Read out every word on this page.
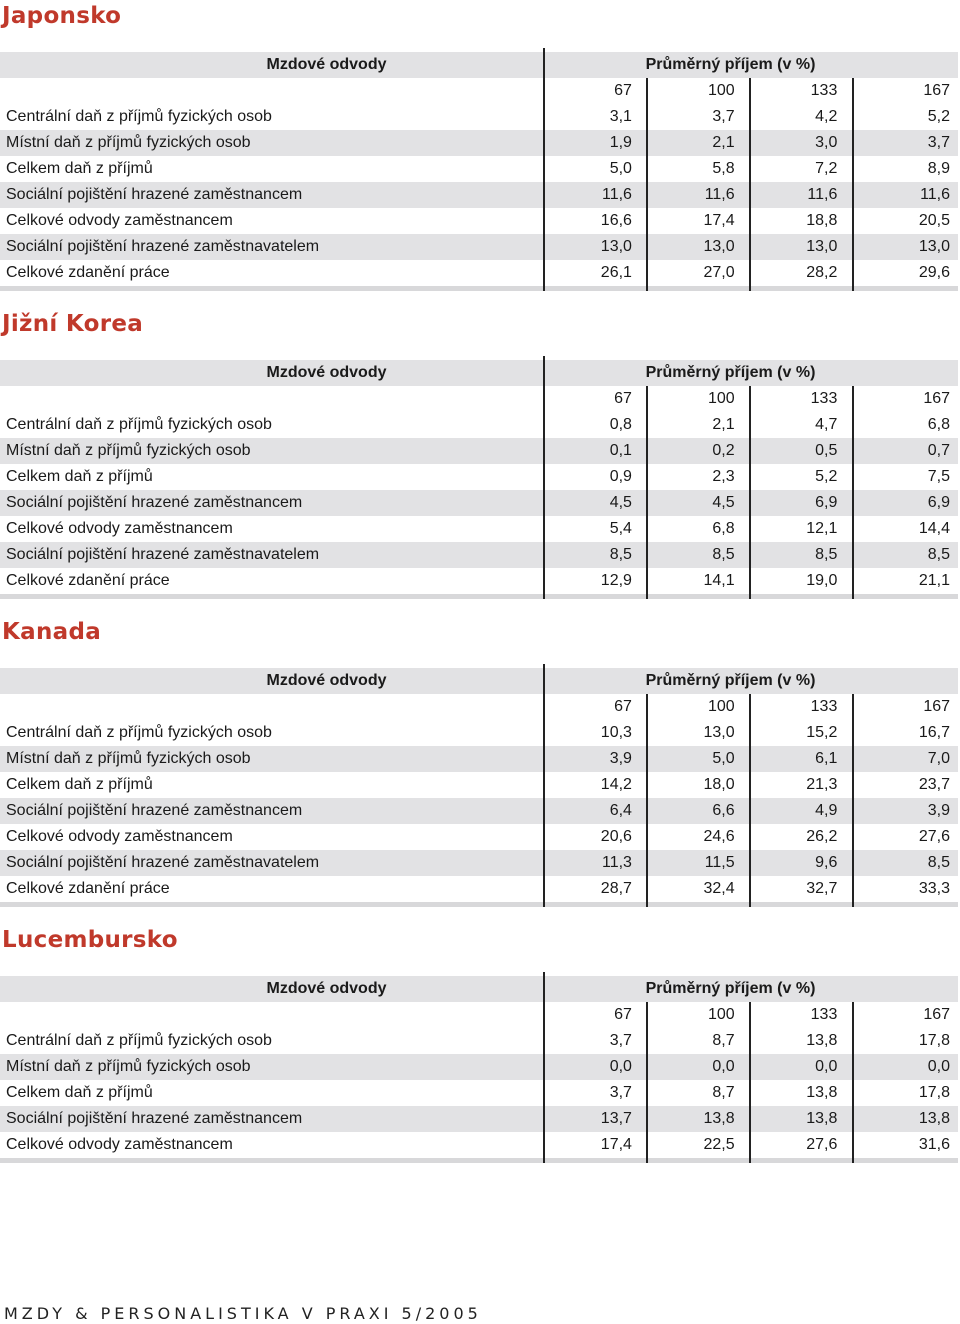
Japonsko
Mzdové odvody	Průměrný příjem (v %)
67	100	133	167
Centrální daň z příjmů fyzických osob	3,1	3,7	4,2	5,2
Místní daň z příjmů fyzických osob	1,9	2,1	3,0	3,7
Celkem daň z příjmů	5,0	5,8	7,2	8,9
Sociální pojištění hrazené zaměstnancem	11,6	11,6	11,6	11,6
Celkové odvody zaměstnancem	16,6	17,4	18,8	20,5
Sociální pojištění hrazené zaměstnavatelem	13,0	13,0	13,0	13,0
Celkové zdanění práce	26,1	27,0	28,2	29,6
Jižní Korea
Mzdové odvody	Průměrný příjem (v %)
67	100	133	167
Centrální daň z příjmů fyzických osob	0,8	2,1	4,7	6,8
Místní daň z příjmů fyzických osob	0,1	0,2	0,5	0,7
Celkem daň z příjmů	0,9	2,3	5,2	7,5
Sociální pojištění hrazené zaměstnancem	4,5	4,5	6,9	6,9
Celkové odvody zaměstnancem	5,4	6,8	12,1	14,4
Sociální pojištění hrazené zaměstnavatelem	8,5	8,5	8,5	8,5
Celkové zdanění práce	12,9	14,1	19,0	21,1
Kanada
Mzdové odvody	Průměrný příjem (v %)
67	100	133	167
Centrální daň z příjmů fyzických osob	10,3	13,0	15,2	16,7
Místní daň z příjmů fyzických osob	3,9	5,0	6,1	7,0
Celkem daň z příjmů	14,2	18,0	21,3	23,7
Sociální pojištění hrazené zaměstnancem	6,4	6,6	4,9	3,9
Celkové odvody zaměstnancem	20,6	24,6	26,2	27,6
Sociální pojištění hrazené zaměstnavatelem	11,3	11,5	9,6	8,5
Celkové zdanění práce	28,7	32,4	32,7	33,3
Lucembursko
Mzdové odvody	Průměrný příjem (v %)
67	100	133	167
Centrální daň z příjmů fyzických osob	3,7	8,7	13,8	17,8
Místní daň z příjmů fyzických osob	0,0	0,0	0,0	0,0
Celkem daň z příjmů	3,7	8,7	13,8	17,8
Sociální pojištění hrazené zaměstnancem	13,7	13,8	13,8	13,8
Celkové odvody zaměstnancem	17,4	22,5	27,6	31,6
MZDY & PERSONALISTIKA V PRAXI 5/2005
